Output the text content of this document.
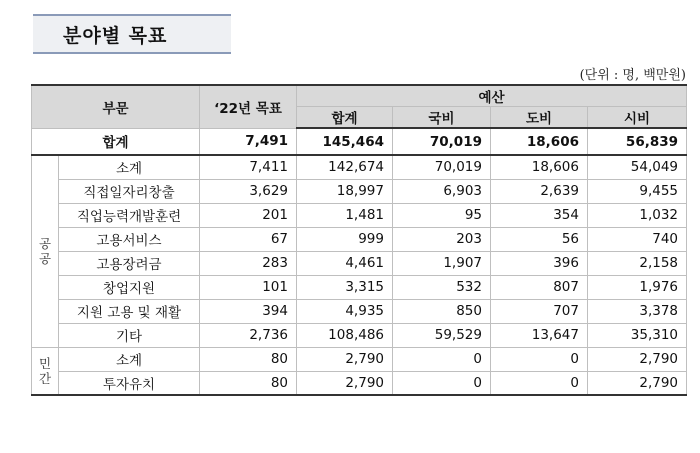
분야별 목표
(단위 : 명, 백만원)
부문		‘22년 목표	예산			
			합계	국비	도비	시비
합계		7,491	145,464	70,019	18,606	56,839

공
공	소계	7,411	142,674	70,019	18,606	54,049
	직접일자리창출	3,629	18,997	6,903	2,639	9,455
	직업능력개발훈련	201	1,481	95	354	1,032
	고용서비스	67	999	203	56	740
	고용장려금	283	4,461	1,907	396	2,158
	창업지원	101	3,315	532	807	1,976
	지원 고용 및 재활	394	4,935	850	707	3,378
	기타	2,736	108,486	59,529	13,647	35,310

민
간	소계	80	2,790	0	0	2,790
	투자유치	80	2,790	0	0	2,790
